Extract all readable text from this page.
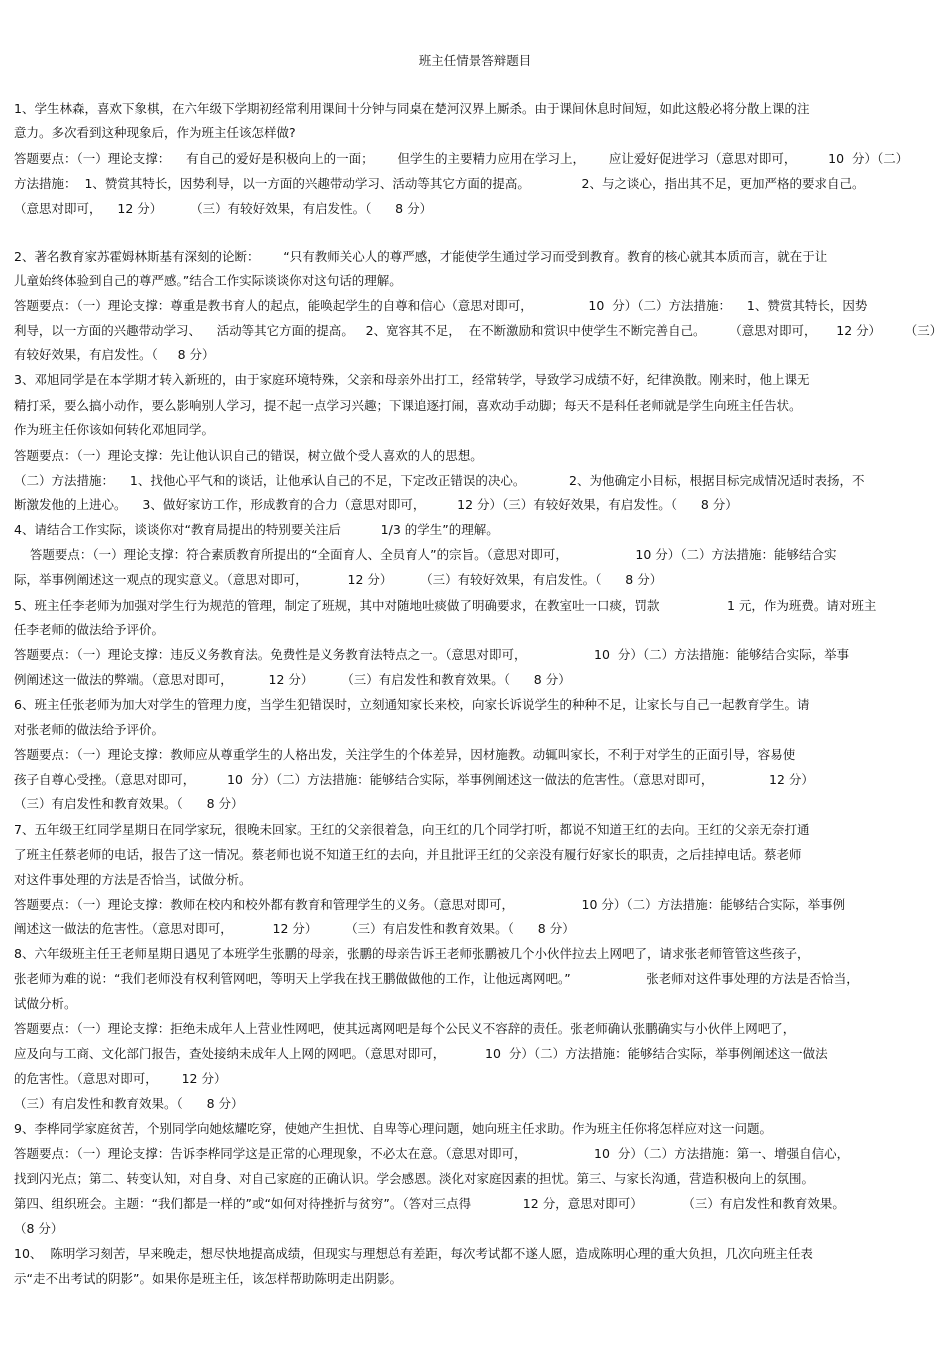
班主任情景答辩题目
1、学生林森，喜欢下象棋，在六年级下学期初经常利用课间十分钟与同桌在楚河汉界上厮杀。由于课间休息时间短，如此这般必将分散上课的注
意力。多次看到这种现象后，作为班主任该怎样做?
答题要点：（一）理论支撑：    有自己的爱好是积极向上的一面；      但学生的主要精力应用在学习上，      应让爱好促进学习（意思对即可，        10  分）（二）
方法措施：  1、赞赏其特长，因势利导，以一方面的兴趣带动学习、活动等其它方面的提高。             2、与之谈心，指出其不足，更加严格的要求自己。
（意思对即可，    12 分）       （三）有较好效果，有启发性。（      8 分）
2、著名教育家苏霍姆林斯基有深刻的论断：      “只有教师关心人的尊严感，才能使学生通过学习而受到教育。教育的核心就其本质而言，就在于让
儿童始终体验到自己的尊严感。”结合工作实际谈谈你对这句话的理解。
答题要点：（一）理论支撑：尊重是教书育人的起点，能唤起学生的自尊和信心（意思对即可，              10  分）（二）方法措施：    1、赞赏其特长，因势
利导，以一方面的兴趣带动学习、    活动等其它方面的提高。   2、宽容其不足，  在不断激励和赏识中使学生不断完善自己。      （意思对即可，     12 分）      （三）
有较好效果，有启发性。（     8 分）
3、邓旭同学是在本学期才转入新班的，由于家庭环境特殊，父亲和母亲外出打工，经常转学，导致学习成绩不好，纪律涣散。刚来时，他上课无
精打采，要么搞小动作，要么影响别人学习，提不起一点学习兴趣；下课追逐打闹，喜欢动手动脚；每天不是科任老师就是学生向班主任告状。
作为班主任你该如何转化邓旭同学。
答题要点：（一）理论支撑：先让他认识自己的错误，树立做个受人喜欢的人的思想。
（二）方法措施：    1、找他心平气和的谈话，让他承认自己的不足，下定改正错误的决心。           2、为他确定小目标，根据目标完成情况适时表扬，不
断激发他的上进心。    3、做好家访工作，形成教育的合力（意思对即可，        12 分）（三）有较好效果，有启发性。（      8 分）
4、请结合工作实际，谈谈你对“教育局提出的特别要关注后          1/3 的学生”的理解。
答题要点：（一）理论支撑：符合素质教育所提出的“全面育人、全员育人”的宗旨。（意思对即可，                 10 分）（二）方法措施：能够结合实
际，举事例阐述这一观点的现实意义。（意思对即可，          12 分）       （三）有较好效果，有启发性。（      8 分）
5、班主任李老师为加强对学生行为规范的管理，制定了班规，其中对随地吐痰做了明确要求，在教室吐一口痰，罚款                 1 元，作为班费。请对班主
任李老师的做法给予评价。
答题要点：（一）理论支撑：违反义务教育法。免费性是义务教育法特点之一。（意思对即可，                 10  分）（二）方法措施：能够结合实际，举事
例阐述这一做法的弊端。（意思对即可，         12 分）       （三）有启发性和教育效果。（      8 分）
6、班主任张老师为加大对学生的管理力度，当学生犯错误时，立刻通知家长来校，向家长诉说学生的种种不足，让家长与自己一起教育学生。请
对张老师的做法给予评价。
答题要点：（一）理论支撑：教师应从尊重学生的人格出发，关注学生的个体差异，因材施教。动辄叫家长，不利于对学生的正面引导，容易使
孩子自尊心受挫。（意思对即可，        10  分）（二）方法措施：能够结合实际，举事例阐述这一做法的危害性。（意思对即可，              12 分）
（三）有启发性和教育效果。（      8 分）
7、五年级王红同学星期日在同学家玩，很晚未回家。王红的父亲很着急，向王红的几个同学打听，都说不知道王红的去向。王红的父亲无奈打通
了班主任蔡老师的电话，报告了这一情况。蔡老师也说不知道王红的去向，并且批评王红的父亲没有履行好家长的职责，之后挂掉电话。蔡老师
对这件事处理的方法是否恰当，试做分析。
答题要点：（一）理论支撑：教师在校内和校外都有教育和管理学生的义务。（意思对即可，                 10 分）（二）方法措施：能够结合实际，举事例
阐述这一做法的危害性。（意思对即可，          12 分）       （三）有启发性和教育效果。（      8 分）
8、六年级班主任王老师星期日遇见了本班学生张鹏的母亲，张鹏的母亲告诉王老师张鹏被几个小伙伴拉去上网吧了，请求张老师管管这些孩子，
张老师为难的说：“我们老师没有权利管网吧，等明天上学我在找王鹏做做他的工作，让他远离网吧。”                   张老师对这件事处理的方法是否恰当，
试做分析。
答题要点：（一）理论支撑：拒绝未成年人上营业性网吧，使其远离网吧是每个公民义不容辞的责任。张老师确认张鹏确实与小伙伴上网吧了，
应及向与工商、文化部门报告，查处接纳未成年人上网的网吧。（意思对即可，          10  分）（二）方法措施：能够结合实际，举事例阐述这一做法
的危害性。（意思对即可，      12 分）
（三）有启发性和教育效果。（      8 分）
9、李桦同学家庭贫苦，个别同学向她炫耀吃穿，使她产生担忧、自卑等心理问题，她向班主任求助。作为班主任你将怎样应对这一问题。
答题要点：（一）理论支撑：告诉李桦同学这是正常的心理现象，不必太在意。（意思对即可，                 10  分）（二）方法措施：第一、增强自信心，
找到闪光点；第二、转变认知，对自身、对自己家庭的正确认识。学会感恩。淡化对家庭因素的担忧。第三、与家长沟通，营造积极向上的氛围。
第四、组织班会。主题：“我们都是一样的”或“如何对待挫折与贫穷”。（答对三点得             12 分，意思对即可）          （三）有启发性和教育效果。
（8 分）
10、  陈明学习刻苦，早来晚走，想尽快地提高成绩，但现实与理想总有差距，每次考试都不遂人愿，造成陈明心理的重大负担，几次向班主任表
示“走不出考试的阴影”。如果你是班主任，该怎样帮助陈明走出阴影。
